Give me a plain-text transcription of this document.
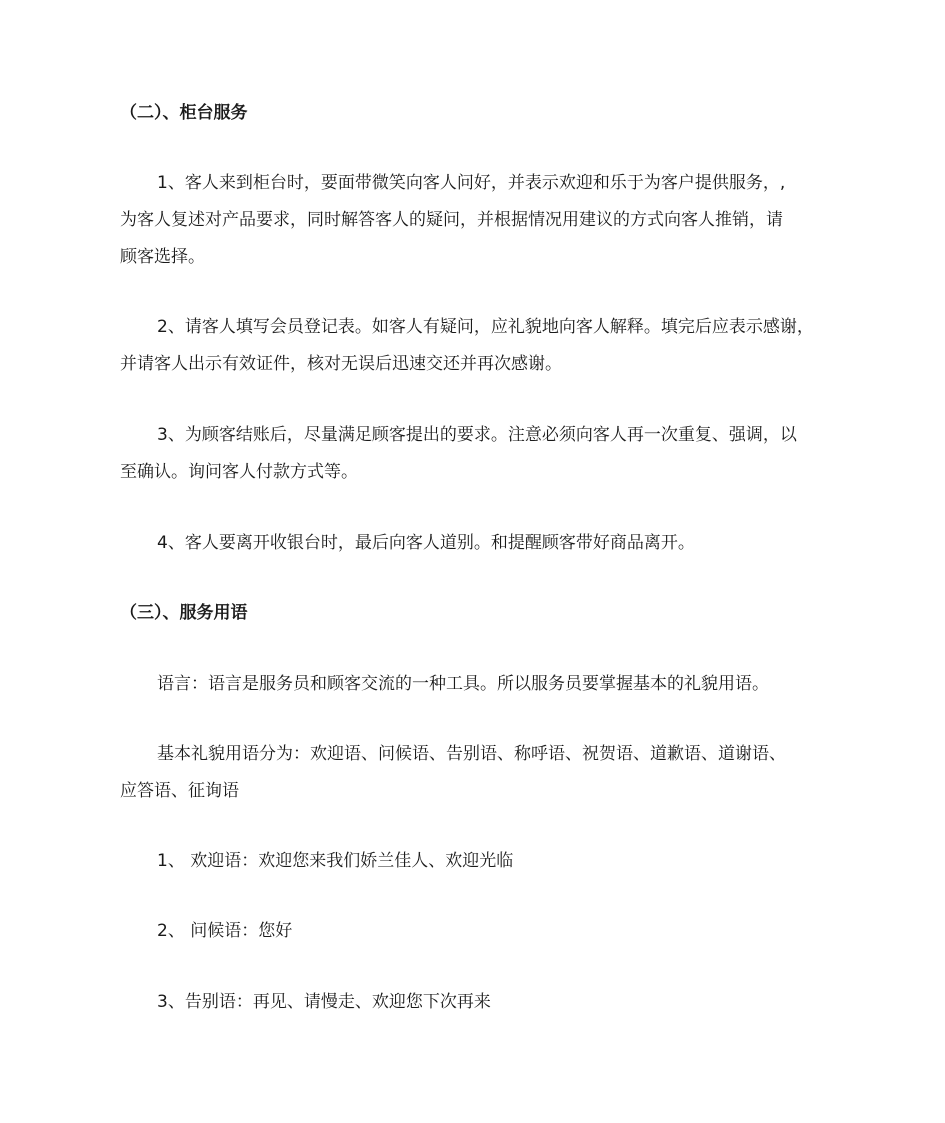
（二）、柜台服务
1、客人来到柜台时，要面带微笑向客人问好，并表示欢迎和乐于为客户提供服务，,
为客人复述对产品要求，同时解答客人的疑问，并根据情况用建议的方式向客人推销，请
顾客选择。
2、请客人填写会员登记表。如客人有疑问，应礼貌地向客人解释。填完后应表示感谢，
并请客人出示有效证件，核对无误后迅速交还并再次感谢。
3、为顾客结账后，尽量满足顾客提出的要求。注意必须向客人再一次重复、强调，以
至确认。询问客人付款方式等。
4、客人要离开收银台时，最后向客人道别。和提醒顾客带好商品离开。
（三）、服务用语
语言：语言是服务员和顾客交流的一种工具。所以服务员要掌握基本的礼貌用语。
基本礼貌用语分为：欢迎语、问候语、告别语、称呼语、祝贺语、道歉语、道谢语、
应答语、征询语
1、 欢迎语：欢迎您来我们娇兰佳人、欢迎光临
2、 问候语：您好
3、告别语：再见、请慢走、欢迎您下次再来
